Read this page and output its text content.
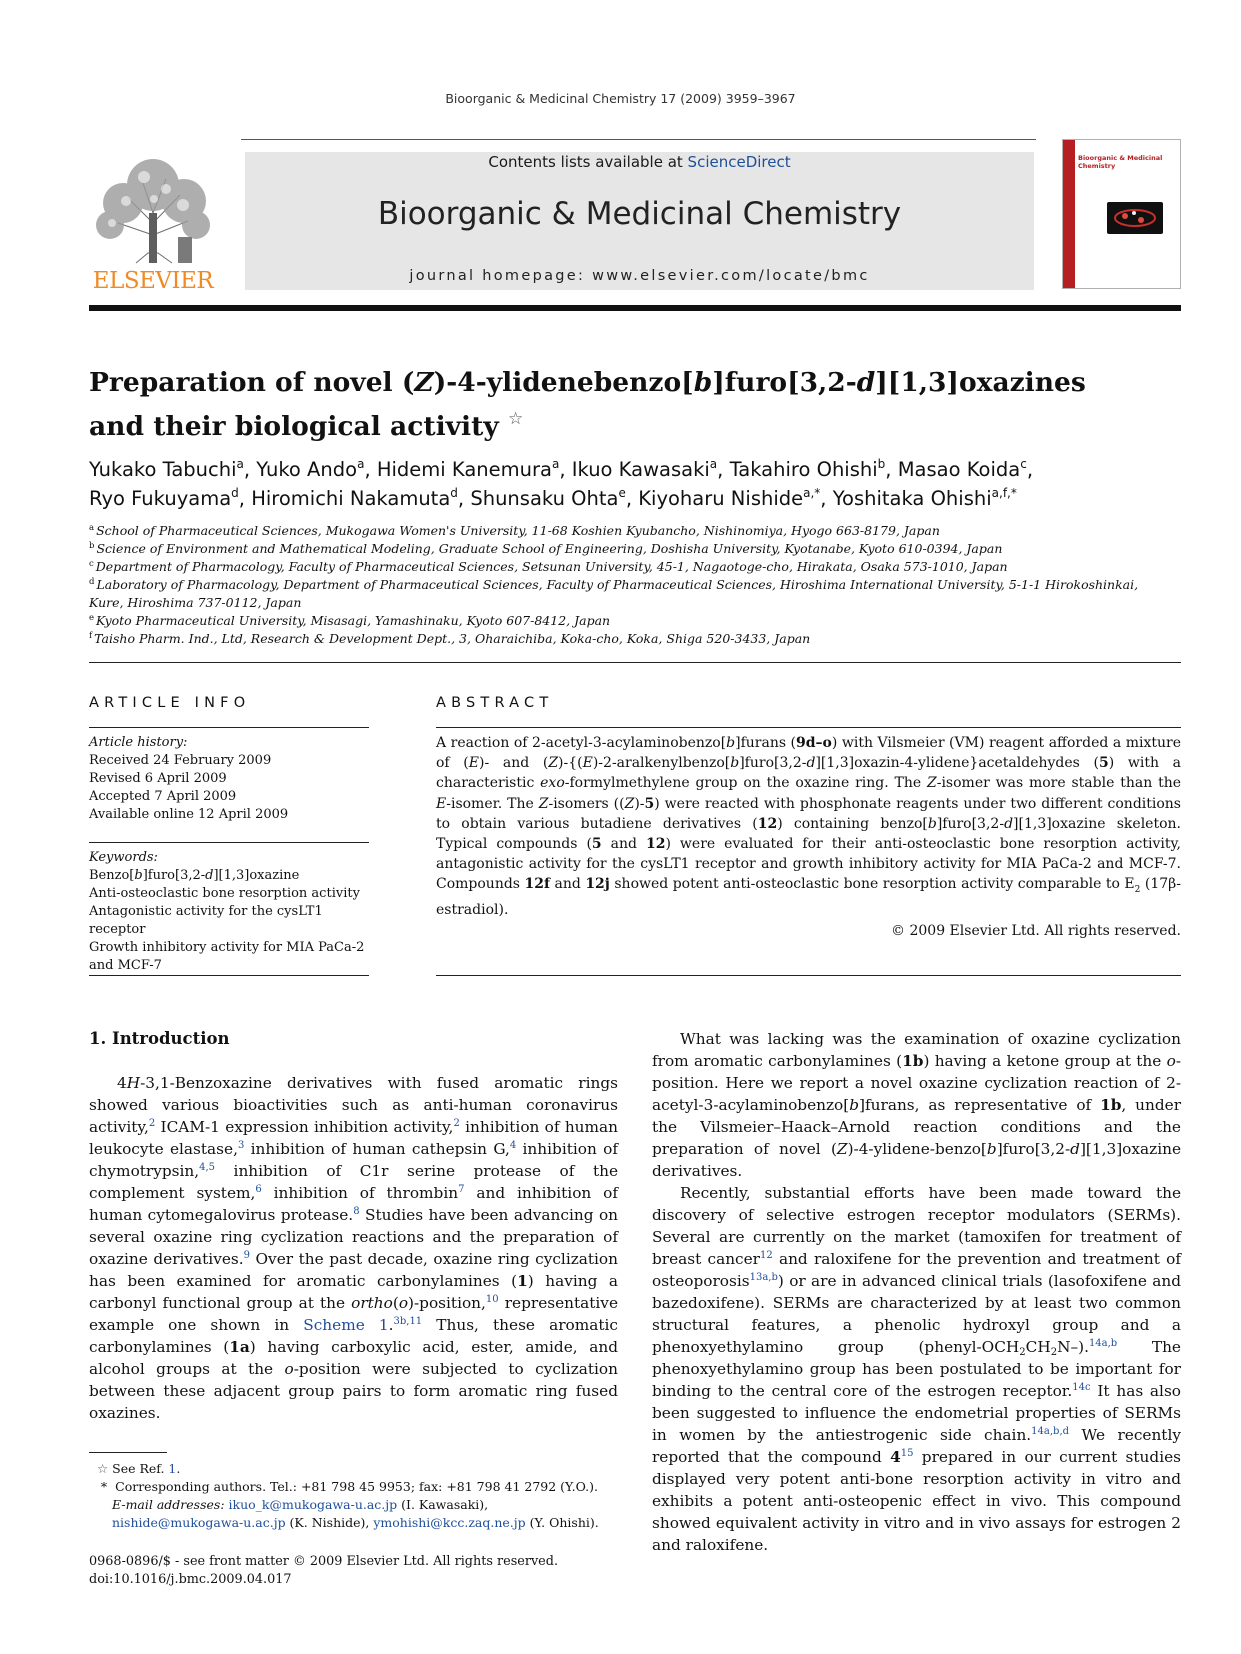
Bioorganic & Medicinal Chemistry 17 (2009) 3959–3967
ELSEVIER
Contents lists available at ScienceDirect
Bioorganic & Medicinal Chemistry
journal homepage: www.elsevier.com/locate/bmc
Bioorganic & Medicinal Chemistry
Preparation of novel (Z)-4-ylidenebenzo[b]furo[3,2-d][1,3]oxazines
and their biological activity ☆
Yukako Tabuchi$^a$, Yuko Ando$^a$, Hidemi Kanemura$^a$, Ikuo Kawasaki$^a$, Takahiro Ohishi$^b$, Masao Koida$^c$,
Ryo Fukuyama$^d$, Hiromichi Nakamuta$^d$, Shunsaku Ohta$^e$, Kiyoharu Nishide$^{a,*}$, Yoshitaka Ohishi$^{a,f,*}$
$^a$ School of Pharmaceutical Sciences, Mukogawa Women's University, 11-68 Koshien Kyubancho, Nishinomiya, Hyogo 663-8179, Japan
$^b$ Science of Environment and Mathematical Modeling, Graduate School of Engineering, Doshisha University, Kyotanabe, Kyoto 610-0394, Japan
$^c$ Department of Pharmacology, Faculty of Pharmaceutical Sciences, Setsunan University, 45-1, Nagaotoge-cho, Hirakata, Osaka 573-1010, Japan
$^d$ Laboratory of Pharmacology, Department of Pharmaceutical Sciences, Faculty of Pharmaceutical Sciences, Hiroshima International University, 5-1-1 Hirokoshinkai,
Kure, Hiroshima 737-0112, Japan
$^e$ Kyoto Pharmaceutical University, Misasagi, Yamashinaku, Kyoto 607-8412, Japan
$^f$ Taisho Pharm. Ind., Ltd, Research & Development Dept., 3, Oharaichiba, Koka-cho, Koka, Shiga 520-3433, Japan
ARTICLE INFO
Article history:
Received 24 February 2009
Revised 6 April 2009
Accepted 7 April 2009
Available online 12 April 2009
Keywords:
Benzo[b]furo[3,2-d][1,3]oxazine
Anti-osteoclastic bone resorption activity
Antagonistic activity for the cysLT1 receptor
Growth inhibitory activity for MIA PaCa-2
and MCF-7
ABSTRACT

A reaction of 2-acetyl-3-acylaminobenzo[b]furans (9d–o) with Vilsmeier (VM) reagent afforded a mixture of (E)- and (Z)-{(E)-2-aralkenylbenzo[b]furo[3,2-d][1,3]oxazin-4-ylidene}acetaldehydes (5) with a characteristic exo-formylmethylene group on the oxazine ring. The Z-isomer was more stable than the E-isomer. The Z-isomers ((Z)-5) were reacted with phosphonate reagents under two different conditions to obtain various butadiene derivatives (12) containing benzo[b]furo[3,2-d][1,3]oxazine skeleton. Typical compounds (5 and 12) were evaluated for their anti-osteoclastic bone resorption activity, antagonistic activity for the cysLT1 receptor and growth inhibitory activity for MIA PaCa-2 and MCF-7. Compounds 12f and 12j showed potent anti-osteoclastic bone resorption activity comparable to $E_2$ (17β-estradiol).
© 2009 Elsevier Ltd. All rights reserved.

1. Introduction

4H-3,1-Benzoxazine derivatives with fused aromatic rings showed various bioactivities such as anti-human coronavirus activity,$^2$ ICAM-1 expression inhibition activity,$^2$ inhibition of human leukocyte elastase,$^3$ inhibition of human cathepsin G,$^4$ inhibition of chymotrypsin,$^{4,5}$ inhibition of C1r serine protease of the complement system,$^6$ inhibition of thrombin$^7$ and inhibition of human cytomegalovirus protease.$^8$ Studies have been advancing on several oxazine ring cyclization reactions and the preparation of oxazine derivatives.$^9$ Over the past decade, oxazine ring cyclization has been examined for aromatic carbonylamines (1) having a carbonyl functional group at the ortho(o)-position,$^{10}$ representative example one shown in Scheme 1.$^{3b,11}$ Thus, these aromatic carbonylamines (1a) having carboxylic acid, ester, amide, and alcohol groups at the o-position were subjected to cyclization between these adjacent group pairs to form aromatic ring fused oxazines.

What was lacking was the examination of oxazine cyclization from aromatic carbonylamines (1b) having a ketone group at the o-position. Here we report a novel oxazine cyclization reaction of 2-acetyl-3-acylaminobenzo[b]furans, as representative of 1b, under the Vilsmeier–Haack–Arnold reaction conditions and the preparation of novel (Z)-4-ylidene-benzo[b]furo[3,2-d][1,3]oxazine derivatives.

Recently, substantial efforts have been made toward the discovery of selective estrogen receptor modulators (SERMs). Several are currently on the market (tamoxifen for treatment of breast cancer$^{12}$ and raloxifene for the prevention and treatment of osteoporosis$^{13a,b}$) or are in advanced clinical trials (lasofoxifene and bazedoxifene). SERMs are characterized by at least two common structural features, a phenolic hydroxyl group and a phenoxyethylamino group $(phenyl-OCH_2CH_2N-).^{14a,b}$ The phenoxyethylamino group has been postulated to be important for binding to the central core of the estrogen receptor.$^{14c}$ It has also been suggested to influence the endometrial properties of SERMs in women by the antiestrogenic side chain.$^{14a,b,d}$ We recently reported that the compound $4^{15}$ prepared in our current studies displayed very potent anti-bone resorption activity in vitro and exhibits a potent anti-osteopenic effect in vivo. This compound showed equivalent activity in vitro and in vivo assays for estrogen 2 and raloxifene.

☆ See Ref. 1.
*  Corresponding authors. Tel.: +81 798 45 9953; fax: +81 798 41 2792 (Y.O.).
E-mail addresses: ikuo_k@mukogawa-u.ac.jp (I. Kawasaki), nishide@mukogawa-u.ac.jp (K. Nishide), ymohishi@kcc.zaq.ne.jp (Y. Ohishi).
0968-0896/$ - see front matter © 2009 Elsevier Ltd. All rights reserved.
doi:10.1016/j.bmc.2009.04.017
